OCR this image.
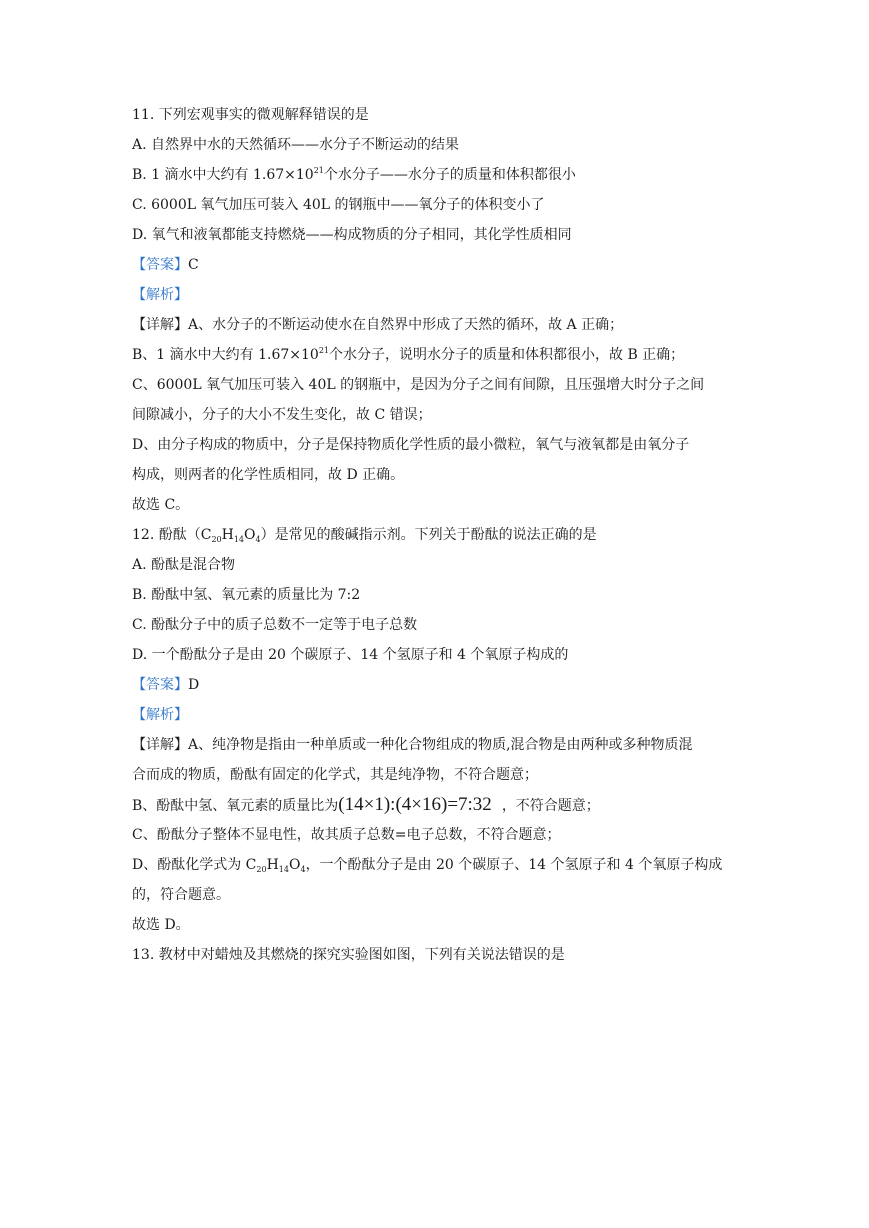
11. 下列宏观事实的微观解释错误的是
A. 自然界中水的天然循环——水分子不断运动的结果
B. 1 滴水中大约有 $1.67\times 10^{21}$个水分子——水分子的质量和体积都很小
C. 6000L 氧气加压可装入 40L 的钢瓶中——氧分子的体积变小了
D. 氧气和液氧都能支持燃烧——构成物质的分子相同，其化学性质相同
【答案】C
【解析】
【详解】A、水分子的不断运动使水在自然界中形成了天然的循环，故 A 正确；
B、1 滴水中大约有 $1.67\times 10^{21}$个水分子，说明水分子的质量和体积都很小，故 B 正确；
C、6000L 氧气加压可装入 40L 的钢瓶中，是因为分子之间有间隙，且压强增大时分子之间
间隙减小，分子的大小不发生变化，故 C 错误；
D、由分子构成的物质中，分子是保持物质化学性质的最小微粒，氧气与液氧都是由氧分子
构成，则两者的化学性质相同，故 D 正确。
故选 C。
12. 酚酞$(C_{20}H_{14}O_4)$是常见的酸碱指示剂。下列关于酚酞的说法正确的是
A. 酚酞是混合物
B. 酚酞中氢、氧元素的质量比为 7:2
C. 酚酞分子中的质子总数不一定等于电子总数
D. 一个酚酞分子是由 20 个碳原子、14 个氢原子和 4 个氧原子构成的
【答案】D
【解析】
【详解】A、纯净物是指由一种单质或一种化合物组成的物质,混合物是由两种或多种物质混
合而成的物质，酚酞有固定的化学式，其是纯净物，不符合题意；
B、酚酞中氢、氧元素的质量比为(14×1):(4×16)=7:32 ，不符合题意；
C、酚酞分子整体不显电性，故其质子总数=电子总数，不符合题意；
D、酚酞化学式为 $C_{20}H_{14}O_4$，一个酚酞分子是由 20 个碳原子、14 个氢原子和 4 个氧原子构成
的，符合题意。
故选 D。
13. 教材中对蜡烛及其燃烧的探究实验图如图，下列有关说法错误的是
